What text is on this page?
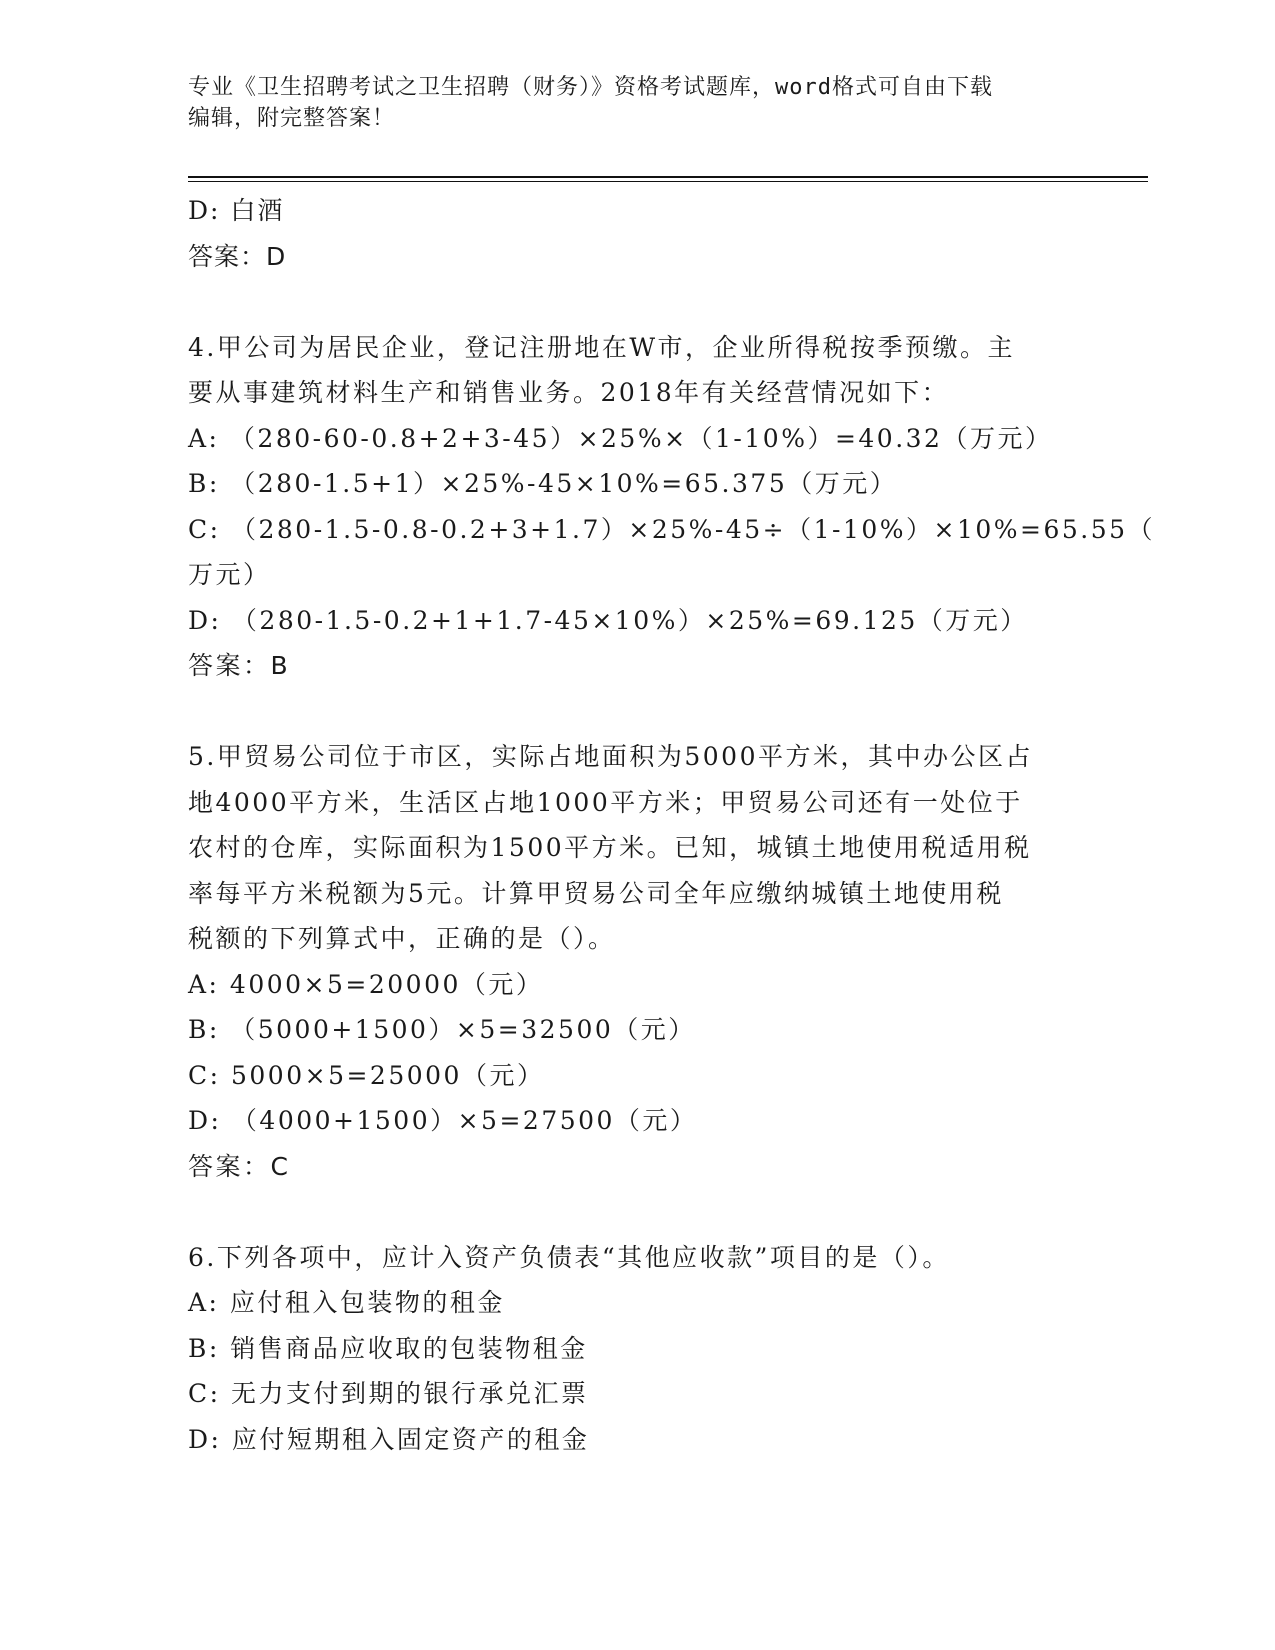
专业《卫生招聘考试之卫生招聘（财务）》资格考试题库，word格式可自由下载
编辑，附完整答案！
D: 白酒
答案：D
4.甲公司为居民企业，登记注册地在W市，企业所得税按季预缴。主
要从事建筑材料生产和销售业务。2018年有关经营情况如下：
A: （280-60-0.8+2+3-45）×25%×（1-10%）=40.32（万元）
B: （280-1.5+1）×25%-45×10%=65.375（万元）
C: （280-1.5-0.8-0.2+3+1.7）×25%-45÷（1-10%）×10%=65.55（
万元）
D: （280-1.5-0.2+1+1.7-45×10%）×25%=69.125（万元）
答案：B
5.甲贸易公司位于市区，实际占地面积为5000平方米，其中办公区占
地4000平方米，生活区占地1000平方米；甲贸易公司还有一处位于
农村的仓库，实际面积为1500平方米。已知，城镇土地使用税适用税
率每平方米税额为5元。计算甲贸易公司全年应缴纳城镇土地使用税
税额的下列算式中，正确的是（）。
A: 4000×5=20000（元）
B: （5000+1500）×5=32500（元）
C: 5000×5=25000（元）
D: （4000+1500）×5=27500（元）
答案：C
6.下列各项中，应计入资产负债表“其他应收款”项目的是（）。
A: 应付租入包装物的租金
B: 销售商品应收取的包装物租金
C: 无力支付到期的银行承兑汇票
D: 应付短期租入固定资产的租金
